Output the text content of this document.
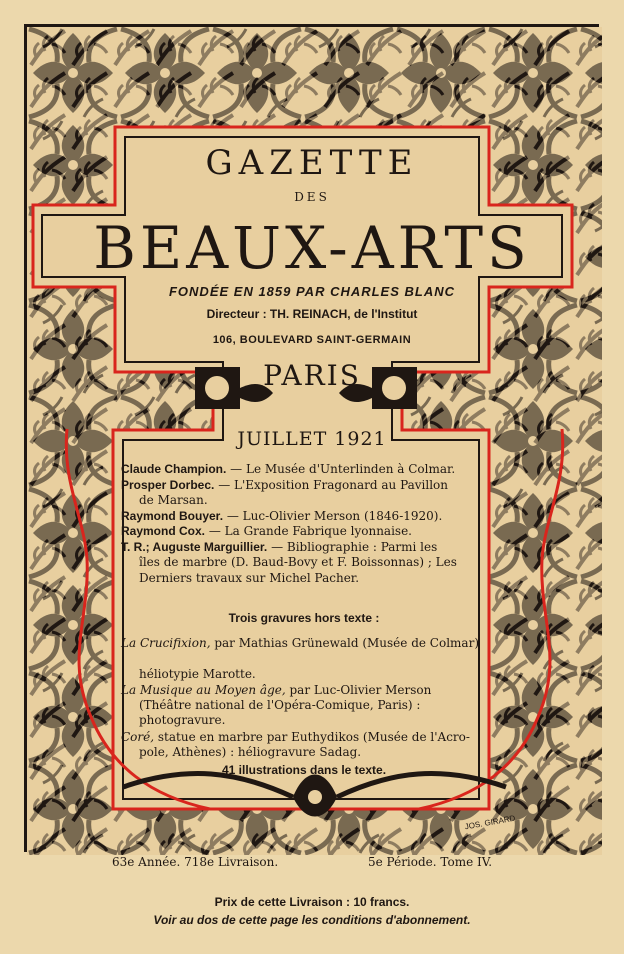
GAZETTE
DES
BEAUX-ARTS
FONDÉE EN 1859 PAR CHARLES BLANC
Directeur : TH. REINACH, de l'Institut
106, BOULEVARD SAINT-GERMAIN
PARIS
JUILLET 1921

Claude Champion. — Le Musée d'Unterlinden à Colmar.

Prosper Dorbec. — L'Exposition Fragonard au Pavillon
de Marsan.

Raymond Bouyer. — Luc-Olivier Merson (1846-1920).

Raymond Cox. — La Grande Fabrique lyonnaise.

T. R.; Auguste Marguillier. — Bibliographie : Parmi les
îles de marbre (D. Baud-Bovy et F. Boissonnas) ; Les Derniers travaux sur Michel Pacher.

Trois gravures hors texte :

La Crucifixion, par Mathias Grünewald (Musée de Colmar) :
héliotypie Marotte.

La Musique au Moyen âge, par Luc-Olivier Merson
(Théâtre national de l'Opéra-Comique, Paris) : photogravure.

Coré, statue en marbre par Euthydikos (Musée de l'Acro-
pole, Athènes) : héliogravure Sadag.

41 illustrations dans le texte.
JOS. GIRARD
63e Année. 718e Livraison.	5e Période. Tome IV.
Prix de cette Livraison : 10 francs.
Voir au dos de cette page les conditions d'abonnement.
